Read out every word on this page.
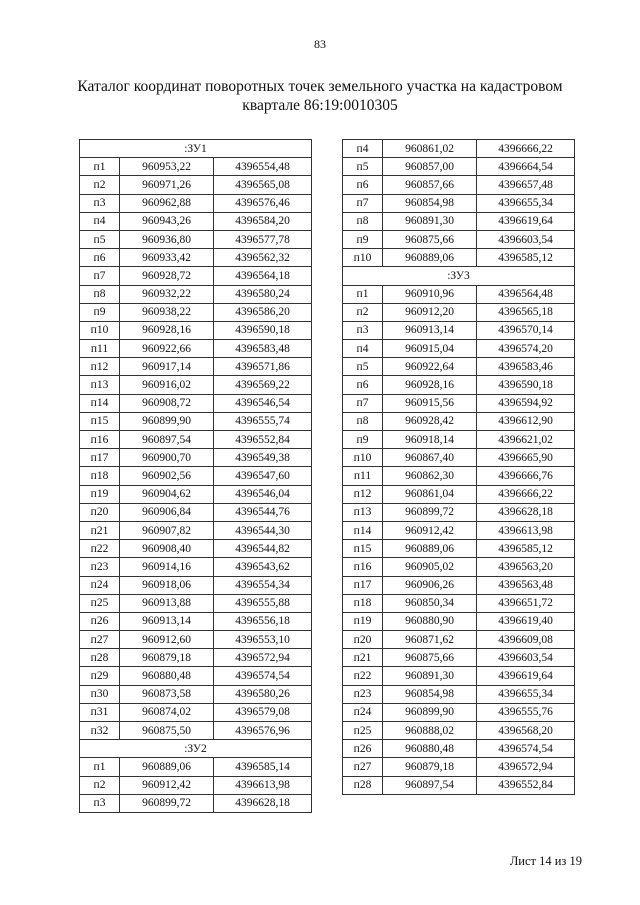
83
Каталог координат поворотных точек земельного участка на кадастровом
квартале 86:19:0010305
:ЗУ1		
п1	960953,22	4396554,48
п2	960971,26	4396565,08
п3	960962,88	4396576,46
п4	960943,26	4396584,20
п5	960936,80	4396577,78
п6	960933,42	4396562,32
п7	960928,72	4396564,18
п8	960932,22	4396580,24
п9	960938,22	4396586,20
п10	960928,16	4396590,18
п11	960922,66	4396583,48
п12	960917,14	4396571,86
п13	960916,02	4396569,22
п14	960908,72	4396546,54
п15	960899,90	4396555,74
п16	960897,54	4396552,84
п17	960900,70	4396549,38
п18	960902,56	4396547,60
п19	960904,62	4396546,04
п20	960906,84	4396544,76
п21	960907,82	4396544,30
п22	960908,40	4396544,82
п23	960914,16	4396543,62
п24	960918,06	4396554,34
п25	960913,88	4396555,88
п26	960913,14	4396556,18
п27	960912,60	4396553,10
п28	960879,18	4396572,94
п29	960880,48	4396574,54
п30	960873,58	4396580,26
п31	960874,02	4396579,08
п32	960875,50	4396576,96
:ЗУ2		
п1	960889,06	4396585,14
п2	960912,42	4396613,98
п3	960899,72	4396628,18
п4	960861,02	4396666,22
п5	960857,00	4396664,54
п6	960857,66	4396657,48
п7	960854,98	4396655,34
п8	960891,30	4396619,64
п9	960875,66	4396603,54
п10	960889,06	4396585,12
:ЗУ3		
п1	960910,96	4396564,48
п2	960912,20	4396565,18
п3	960913,14	4396570,14
п4	960915,04	4396574,20
п5	960922,64	4396583,46
п6	960928,16	4396590,18
п7	960915,56	4396594,92
п8	960928,42	4396612,90
п9	960918,14	4396621,02
п10	960867,40	4396665,90
п11	960862,30	4396666,76
п12	960861,04	4396666,22
п13	960899,72	4396628,18
п14	960912,42	4396613,98
п15	960889,06	4396585,12
п16	960905,02	4396563,20
п17	960906,26	4396563,48
п18	960850,34	4396651,72
п19	960880,90	4396619,40
п20	960871,62	4396609,08
п21	960875,66	4396603,54
п22	960891,30	4396619,64
п23	960854,98	4396655,34
п24	960899,90	4396555,76
п25	960888,02	4396568,20
п26	960880,48	4396574,54
п27	960879,18	4396572,94
п28	960897,54	4396552,84
Лист 14 из 19
